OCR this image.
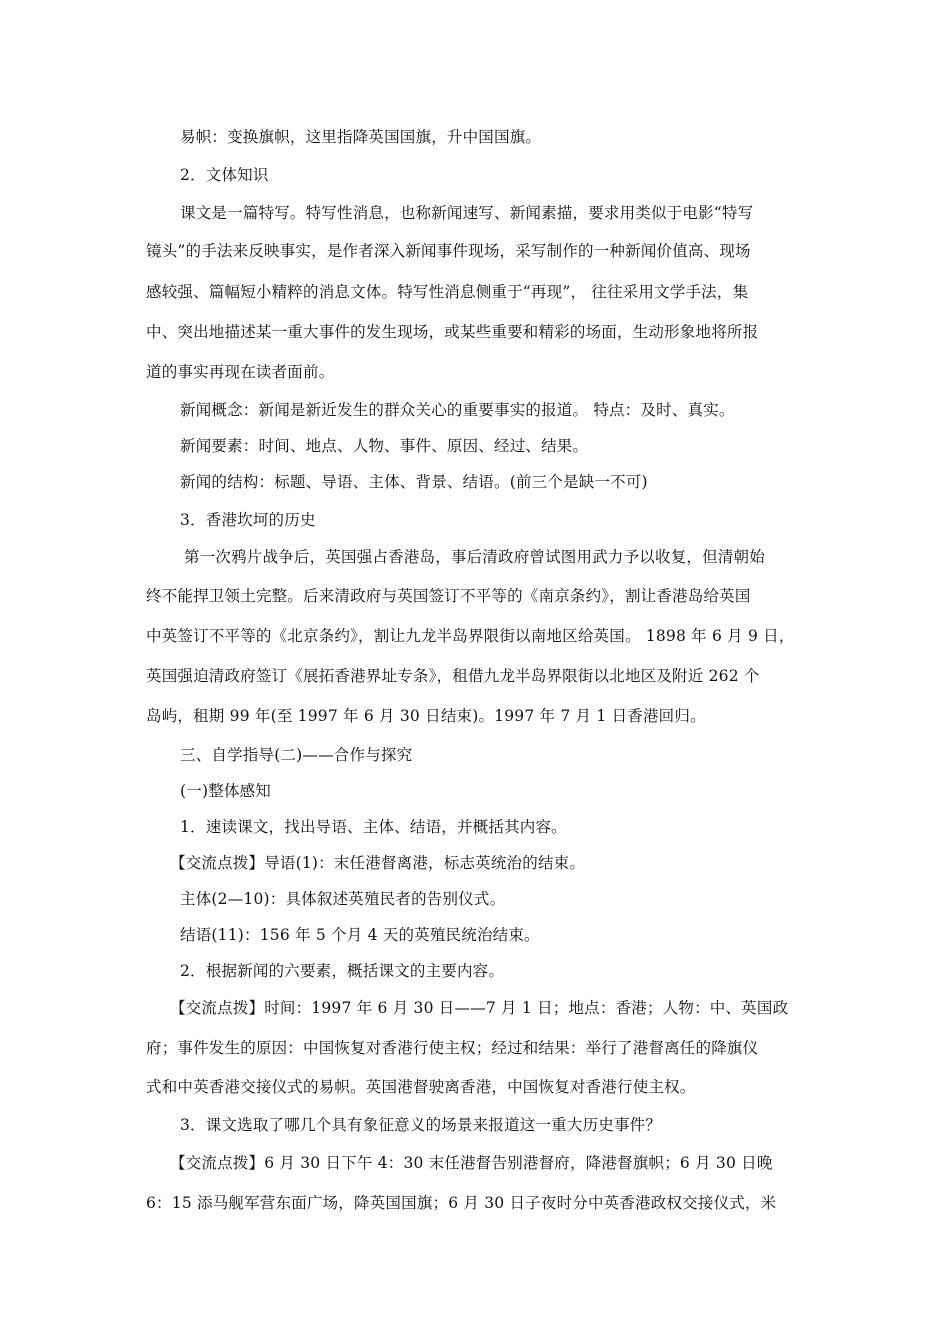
易帜：变换旗帜，这里指降英国国旗，升中国国旗。
2．文体知识
课文是一篇特写。特写性消息，也称新闻速写、新闻素描，要求用类似于电影“特写
镜头”的手法来反映事实，是作者深入新闻事件现场，采写制作的一种新闻价值高、现场
感较强、篇幅短小精粹的消息文体。特写性消息侧重于“再现”， 往往采用文学手法，集
中、突出地描述某一重大事件的发生现场，或某些重要和精彩的场面，生动形象地将所报
道的事实再现在读者面前。
新闻概念：新闻是新近发生的群众关心的重要事实的报道。 特点：及时、真实。
新闻要素：时间、地点、人物、事件、原因、经过、结果。
新闻的结构：标题、导语、主体、背景、结语。(前三个是缺一不可)
3．香港坎坷的历史
第一次鸦片战争后，英国强占香港岛，事后清政府曾试图用武力予以收复，但清朝始
终不能捍卫领土完整。后来清政府与英国签订不平等的《南京条约》，割让香港岛给英国
中英签订不平等的《北京条约》，割让九龙半岛界限街以南地区给英国。 1898 年 6 月 9 日，
英国强迫清政府签订《展拓香港界址专条》，租借九龙半岛界限街以北地区及附近 262 个
岛屿，租期 99 年(至 1997 年 6 月 30 日结束)。1997 年 7 月 1 日香港回归。
三、自学指导(二)——合作与探究
(一)整体感知
1．速读课文，找出导语、主体、结语，并概括其内容。
【交流点拨】导语(1)：末任港督离港，标志英统治的结束。
主体(2—10)：具体叙述英殖民者的告别仪式。
结语(11)：156 年 5 个月 4 天的英殖民统治结束。
2．根据新闻的六要素，概括课文的主要内容。
【交流点拨】时间：1997 年 6 月 30 日——7 月 1 日；地点：香港；人物：中、英国政
府；事件发生的原因：中国恢复对香港行使主权；经过和结果：举行了港督离任的降旗仪
式和中英香港交接仪式的易帜。英国港督驶离香港，中国恢复对香港行使主权。
3．课文选取了哪几个具有象征意义的场景来报道这一重大历史事件？
【交流点拨】6 月 30 日下午 4：30 末任港督告别港督府，降港督旗帜；6 月 30 日晚
6：15 添马舰军营东面广场，降英国国旗；6 月 30 日子夜时分中英香港政权交接仪式，米
